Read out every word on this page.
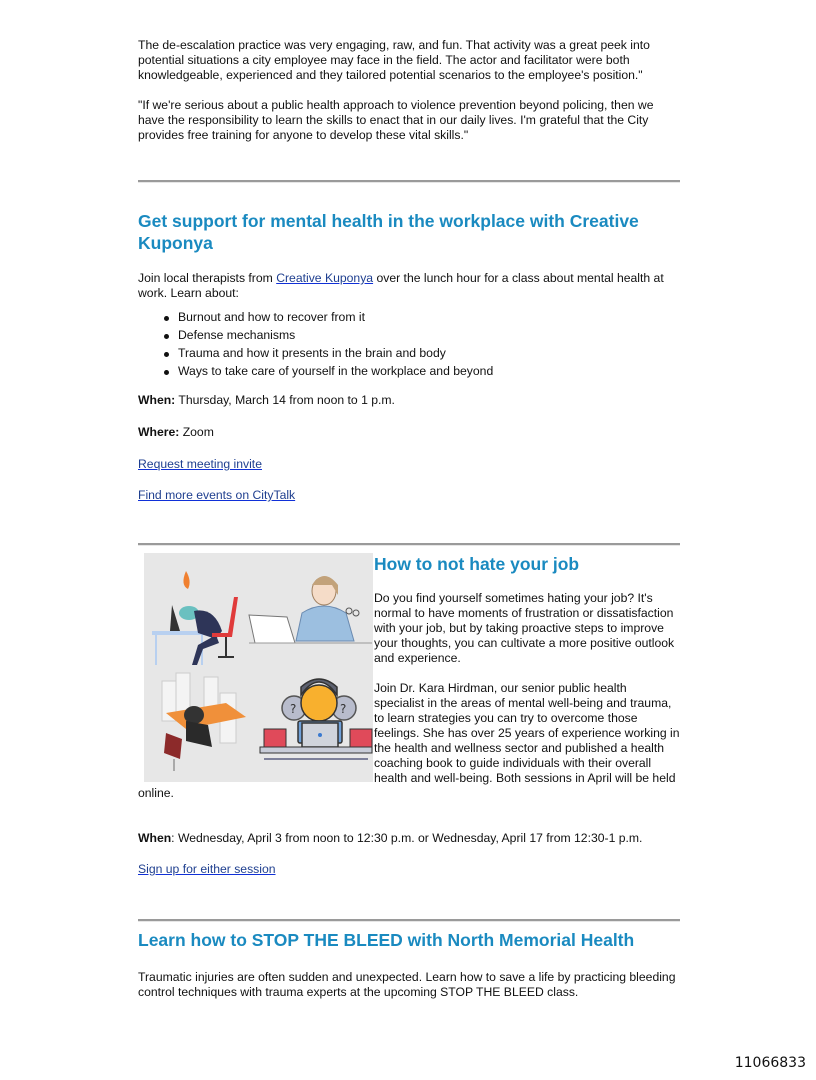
The de-escalation practice was very engaging, raw, and fun. That activity was a great peek into potential situations a city employee may face in the field. The actor and facilitator were both knowledgeable, experienced and they tailored potential scenarios to the employee's position."

"If we're serious about a public health approach to violence prevention beyond policing, then we have the responsibility to learn the skills to enact that in our daily lives. I'm grateful that the City provides free training for anyone to develop these vital skills."

Get support for mental health in the workplace with Creative Kuponya

Join local therapists from Creative Kuponya over the lunch hour for a class about mental health at work. Learn about:

Burnout and how to recover from it
Defense mechanisms
Trauma and how it presents in the brain and body
Ways to take care of yourself in the workplace and beyond

When: Thursday, March 14 from noon to 1 p.m.

Where: Zoom

Request meeting invite

Find more events on CityTalk

?	?
How to not hate your job

Do you find yourself sometimes hating your job? It's normal to have moments of frustration or dissatisfaction with your job, but by taking proactive steps to improve your thoughts, you can cultivate a more positive outlook and experience.

Join Dr. Kara Hirdman, our senior public health specialist in the areas of mental well-being and trauma, to learn strategies you can try to overcome those feelings. She has over 25 years of experience working in the health and wellness sector and published a health coaching book to guide individuals with their overall health and well-being. Both sessions in April will be held online.

When: Wednesday, April 3 from noon to 12:30 p.m. or Wednesday, April 17 from 12:30-1 p.m.

Sign up for either session

Learn how to STOP THE BLEED with North Memorial Health

Traumatic injuries are often sudden and unexpected. Learn how to save a life by practicing bleeding control techniques with trauma experts at the upcoming STOP THE BLEED class.

11066833
